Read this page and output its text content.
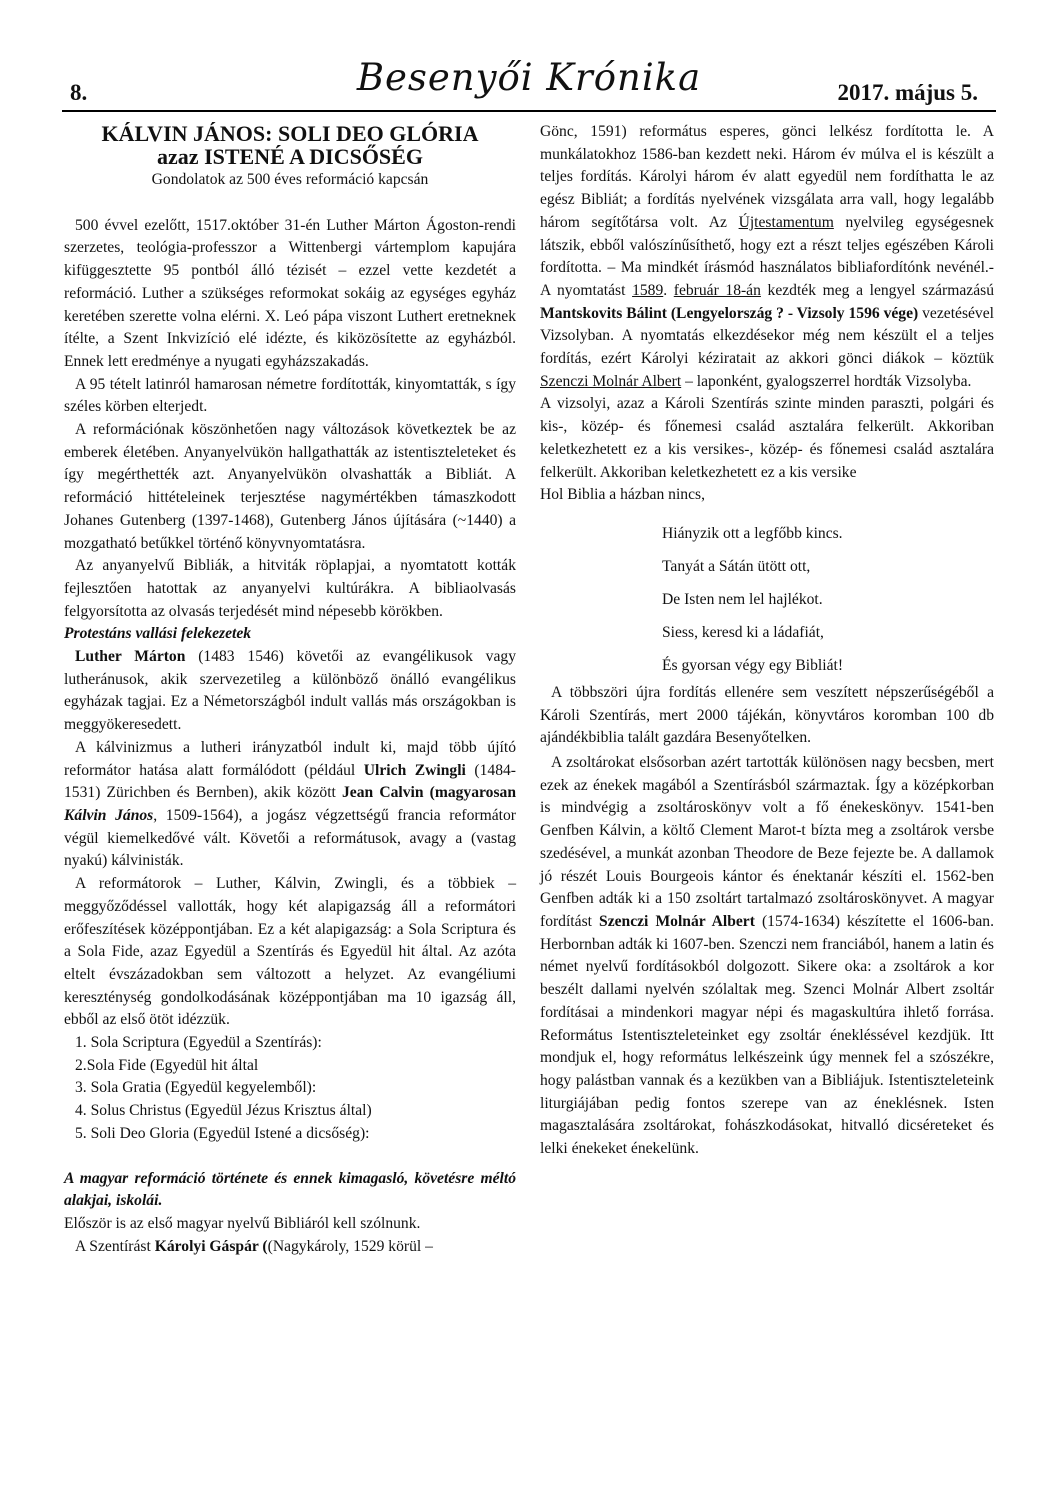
8.	Besenyői Krónika	2017. május 5.
KÁLVIN JÁNOS: SOLI DEO GLÓRIA
azaz ISTENÉ A DICSŐSÉG

Gondolatok az 500 éves reformáció kapcsán

500 évvel ezelőtt, 1517.október 31-én Luther Márton Ágoston-rendi szerzetes, teológia-professzor a Wittenbergi vártemplom kapujára kifüggesztette 95 pontból álló tézisét – ezzel vette kezdetét a reformáció. Luther a szükséges reformokat sokáig az egységes egyház keretében szerette volna elérni. X. Leó pápa viszont Luthert eretneknek ítélte, a Szent Inkvizíció elé idézte, és kiközösítette az egyházból. Ennek lett eredménye a nyugati egyházszakadás.

A 95 tételt latinról hamarosan németre fordították, kinyomtatták, s így széles körben elterjedt.

A reformációnak köszönhetően nagy változások következtek be az emberek életében. Anyanyelvükön hallgathatták az istentiszteleteket és így megérthették azt. Anyanyelvükön olvashatták a Bibliát. A reformáció hittételeinek terjesztése nagymértékben támaszkodott Johanes Gutenberg (1397-1468), Gutenberg János újítására (~1440) a mozgatható betűkkel történő könyvnyomtatásra.

Az anyanyelvű Bibliák, a hitviták röplapjai, a nyomtatott kották fejlesztően hatottak az anyanyelvi kultúrákra. A bibliaolvasás felgyorsította az olvasás terjedését mind népesebb körökben.

Protestáns vallási felekezetek

Luther Márton (1483 1546) követői az evangélikusok vagy lutheránusok, akik szervezetileg a különböző önálló evangélikus egyházak tagjai. Ez a Németországból indult vallás más országokban is meggyökeresedett.

A kálvinizmus a lutheri irányzatból indult ki, majd több újító reformátor hatása alatt formálódott (például Ulrich Zwingli (1484-1531) Zürichben és Bernben), akik között Jean Calvin (magyarosan Kálvin János, 1509-1564), a jogász végzettségű francia reformátor végül kiemelkedővé vált. Követői a reformátusok, avagy a (vastag nyakú) kálvinisták.

A reformátorok – Luther, Kálvin, Zwingli, és a többiek – meggyőződéssel vallották, hogy két alapigazság áll a reformátori erőfeszítések középpontjában. Ez a két alapigazság: a Sola Scriptura és a Sola Fide, azaz Egyedül a Szentírás és Egyedül hit által. Az azóta eltelt évszázadokban sem változott a helyzet. Az evangéliumi kereszténység gondolkodásának középpontjában ma 10 igazság áll, ebből az első ötöt idézzük.

1. Sola Scriptura (Egyedül a Szentírás):

2.Sola Fide (Egyedül hit által

3. Sola Gratia (Egyedül kegyelemből):

4. Solus Christus (Egyedül Jézus Krisztus által)

5. Soli Deo Gloria (Egyedül Istené a dicsőség):

A magyar reformáció története és ennek kimagasló, követésre méltó alakjai, iskolái.

Először is az első magyar nyelvű Bibliáról kell szólnunk.

A Szentírást Károlyi Gáspár ((Nagykároly, 1529 körül –

Gönc, 1591) református esperes, gönci lelkész fordította le. A munkálatokhoz 1586-ban kezdett neki. Három év múlva el is készült a teljes fordítás. Károlyi három év alatt egyedül nem fordíthatta le az egész Bibliát; a fordítás nyelvének vizsgálata arra vall, hogy legalább három segítőtársa volt. Az Újtestamentum nyelvileg egységesnek látszik, ebből valószínűsíthető, hogy ezt a részt teljes egészében Károli fordította. – Ma mindkét írásmód használatos bibliafordítónk nevénél.- A nyomtatást 1589. február 18-án kezdték meg a lengyel származású Mantskovits Bálint (Lengyelország ? - Vizsoly 1596 vége) vezetésével Vizsolyban. A nyomtatás elkezdésekor még nem készült el a teljes fordítás, ezért Károlyi kéziratait az akkori gönci diákok – köztük Szenczi Molnár Albert – laponként, gyalogszerrel hordták Vizsolyba.

A vizsolyi, azaz a Károli Szentírás szinte minden paraszti, polgári és kis-, közép- és főnemesi család asztalára felkerült. Akkoriban keletkezhetett ez a kis versikes-, közép- és főnemesi család asztalára felkerült. Akkoriban keletkezhetett ez a kis versike

Hol Biblia a házban nincs,

Hiányzik ott a legfőbb kincs.

Tanyát a Sátán ütött ott,

De Isten nem lel hajlékot.

Siess, keresd ki a ládafiát,

És gyorsan végy egy Bibliát!

A többszöri újra fordítás ellenére sem veszített népszerűségéből a Károli Szentírás, mert 2000 tájékán, könyvtáros koromban 100 db ajándékbiblia talált gazdára Besenyőtelken.

A zsoltárokat elsősorban azért tartották különösen nagy becsben, mert ezek az énekek magából a Szentírásból származtak. Így a középkorban is mindvégig a zsoltároskönyv volt a fő énekeskönyv. 1541-ben Genfben Kálvin, a költő Clement Marot-t bízta meg a zsoltárok versbe szedésével, a munkát azonban Theodore de Beze fejezte be. A dallamok jó részét Louis Bourgeois kántor és énektanár készíti el. 1562-ben Genfben adták ki a 150 zsoltárt tartalmazó zsoltároskönyvet. A magyar fordítást Szenczi Molnár Albert (1574-1634) készítette el 1606-ban. Herbornban adták ki 1607-ben. Szenczi nem franciából, hanem a latin és német nyelvű fordításokból dolgozott. Sikere oka: a zsoltárok a kor beszélt dallami nyelvén szólaltak meg. Szenci Molnár Albert zsoltár fordításai a mindenkori magyar népi és magaskultúra ihlető forrása. Református Istentiszteleteinket egy zsoltár énekléssével kezdjük. Itt mondjuk el, hogy református lelkészeink úgy mennek fel a szószékre, hogy palástban vannak és a kezükben van a Bibliájuk. Istentiszteleteink liturgiájában pedig fontos szerepe van az éneklésnek. Isten magasztalására zsoltárokat, fohászkodásokat, hitvalló dicséreteket és lelki énekeket énekelünk.
